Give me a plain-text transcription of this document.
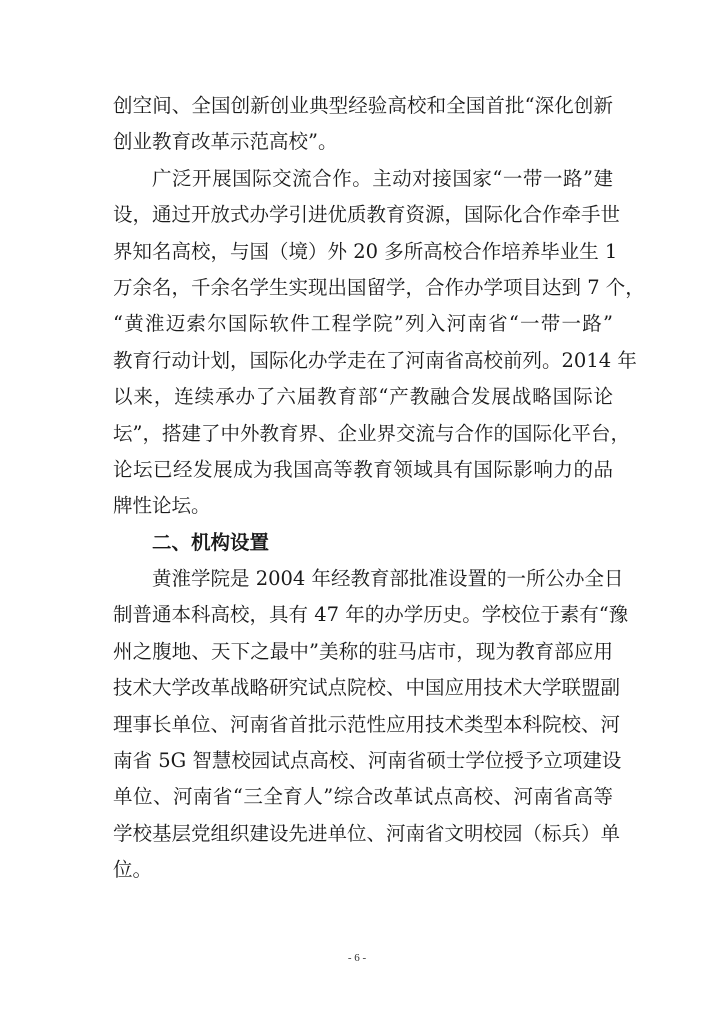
创空间、全国创新创业典型经验高校和全国首批“深化创新
创业教育改革示范高校”。
广泛开展国际交流合作。主动对接国家“一带一路”建
设，通过开放式办学引进优质教育资源，国际化合作牵手世
界知名高校，与国（境）外 20 多所高校合作培养毕业生 1
万余名，千余名学生实现出国留学，合作办学项目达到 7 个，
“黄淮迈索尔国际软件工程学院”列入河南省“一带一路”
教育行动计划，国际化办学走在了河南省高校前列。2014 年
以来，连续承办了六届教育部“产教融合发展战略国际论
坛”，搭建了中外教育界、企业界交流与合作的国际化平台，
论坛已经发展成为我国高等教育领域具有国际影响力的品
牌性论坛。
二、机构设置
黄淮学院是 2004 年经教育部批准设置的一所公办全日
制普通本科高校，具有 47 年的办学历史。学校位于素有“豫
州之腹地、天下之最中”美称的驻马店市，现为教育部应用
技术大学改革战略研究试点院校、中国应用技术大学联盟副
理事长单位、河南省首批示范性应用技术类型本科院校、河
南省 5G 智慧校园试点高校、河南省硕士学位授予立项建设
单位、河南省“三全育人”综合改革试点高校、河南省高等
学校基层党组织建设先进单位、河南省文明校园（标兵）单
位。
- 6 -
